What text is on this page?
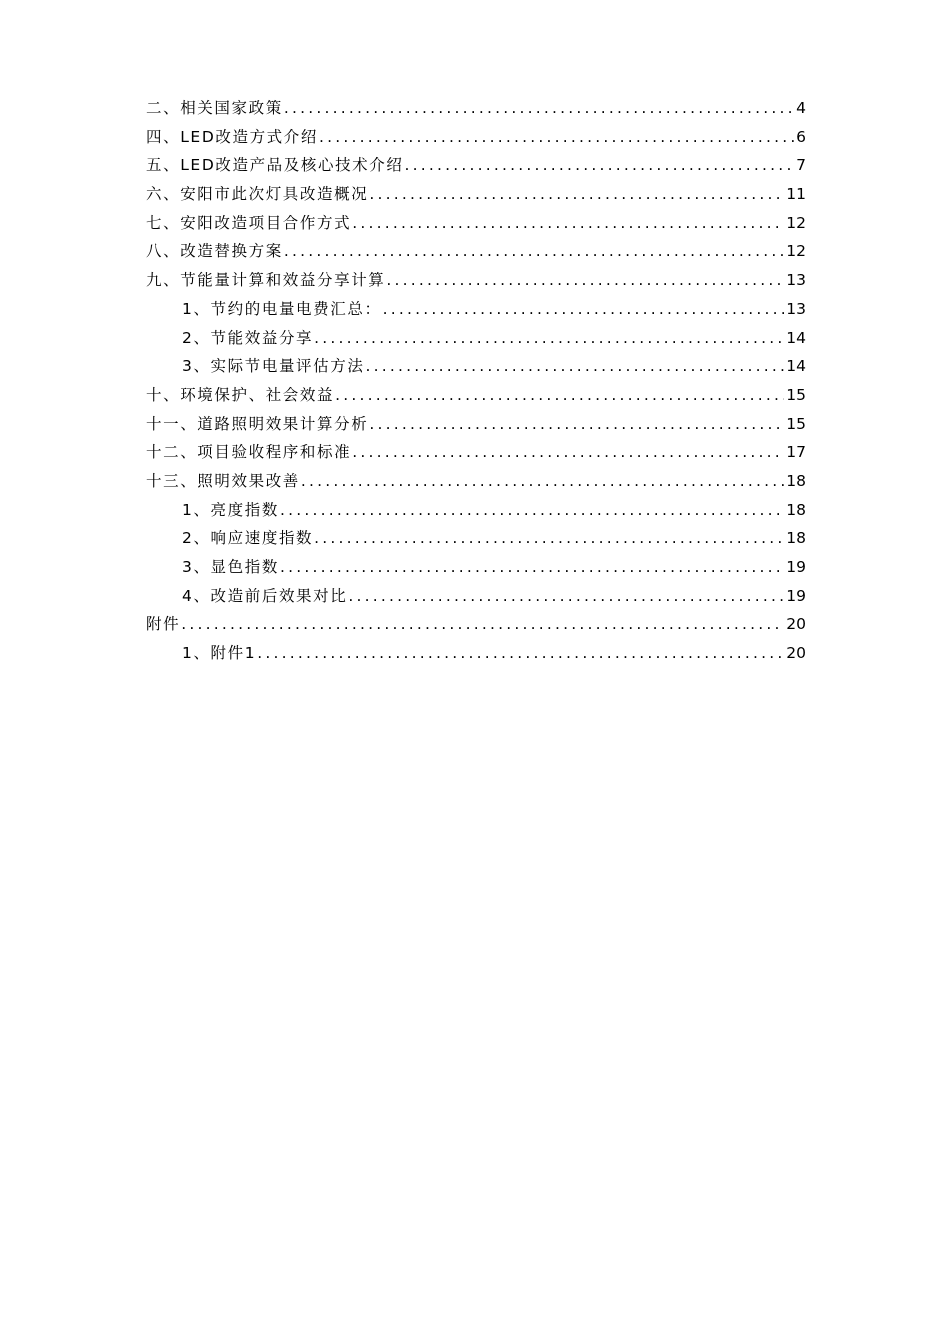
二、相关国家政策 .....	4
四、LED改造方式介绍 .....	6
五、LED改造产品及核心技术介绍 .....	7
六、安阳市此次灯具改造概况 .....	11
七、安阳改造项目合作方式 .....	12
八、改造替换方案 .....	12
九、节能量计算和效益分享计算 .....	13
1、节约的电量电费汇总： .....	13
2、节能效益分享 .....	14
3、实际节电量评估方法 .....	14
十、环境保护、社会效益 .....	15
十一、道路照明效果计算分析 .....	15
十二、项目验收程序和标准 .....	17
十三、照明效果改善 .....	18
1、亮度指数 .....	18
2、响应速度指数 .....	18
3、显色指数 .....	19
4、改造前后效果对比 .....	19
附件 .....	20
1、附件1 .....	20
